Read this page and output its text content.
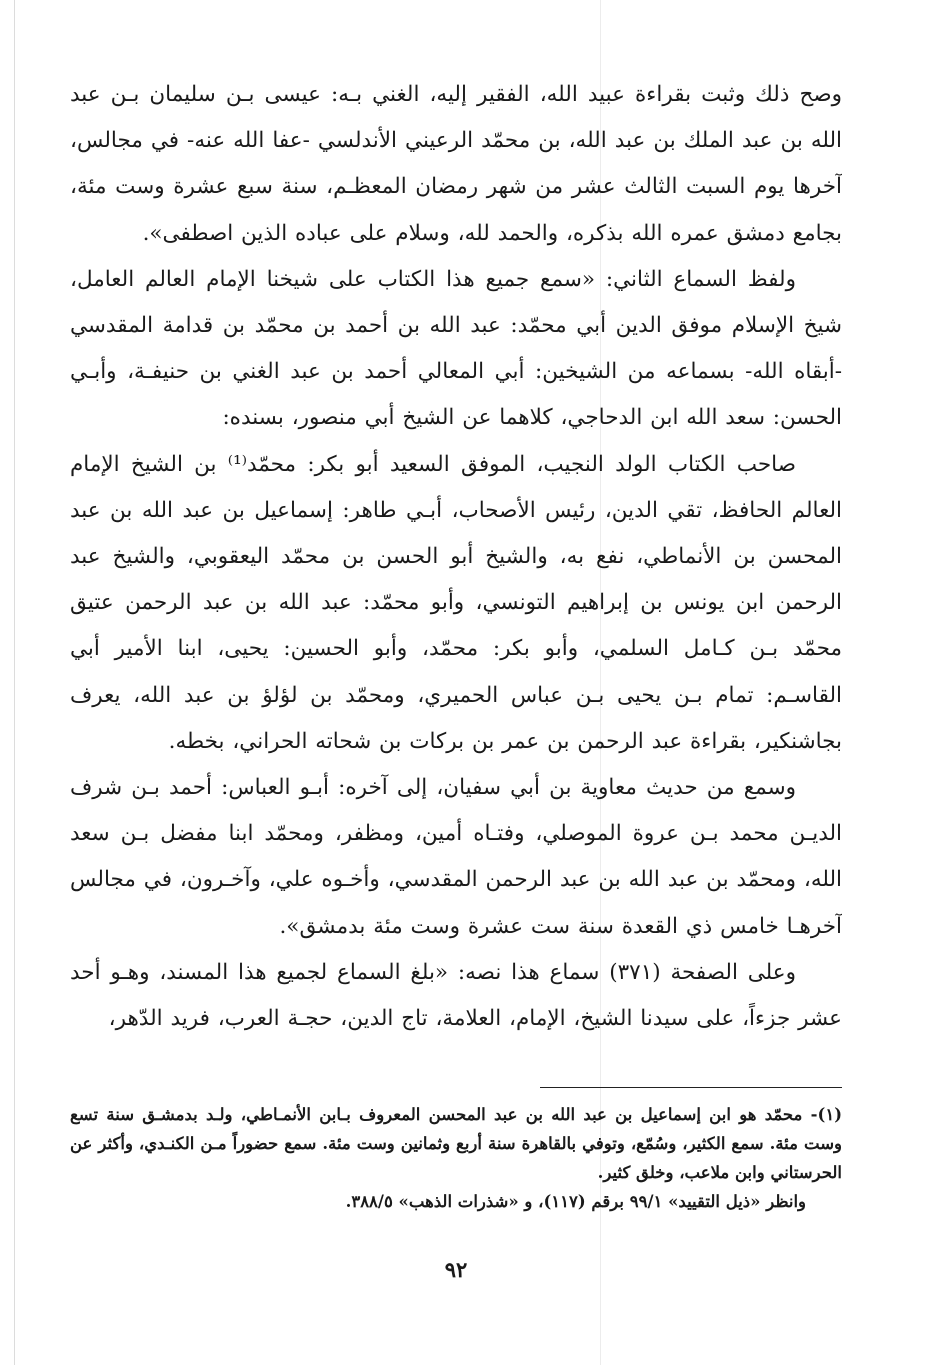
وصح ذلك وثبت بقراءة عبيد الله، الفقير إليه، الغني بـه: عيسى بـن سليمان بـن عبد الله بن عبد الملك بن عبد الله، بن محمّد الرعيني الأندلسي -عفا الله عنه- في مجالس، آخرها يوم السبت الثالث عشر من شهر رمضان المعظـم، سنة سبع عشرة وست مئة، بجامع دمشق عمره الله بذكره، والحمد لله، وسلام على عباده الذين اصطفى».

ولفظ السماع الثاني: «سمع جميع هذا الكتاب على شيخنا الإمام العالم العامل، شيخ الإسلام موفق الدين أبي محمّد: عبد الله بن أحمد بن محمّد بن قدامة المقدسي -أبقاه الله- بسماعه من الشيخين: أبي المعالي أحمد بن عبد الغني بن حنيفـة، وأبـي الحسن: سعد الله ابن الدحاجي، كلاهما عن الشيخ أبي منصور، بسنده:

صاحب الكتاب الولد النجيب، الموفق السعيد أبو بكر: محمّد⁽¹⁾ بن الشيخ الإمام العالم الحافظ، تقي الدين، رئيس الأصحاب، أبـي طاهر: إسماعيل بن عبد الله بن عبد المحسن بن الأنماطي، نفع به، والشيخ أبو الحسن بن محمّد اليعقوبي، والشيخ عبد الرحمن ابن يونس بن إبراهيم التونسي، وأبو محمّد: عبد الله بن عبد الرحمن عتيق محمّد بـن كـامل السلمي، وأبو بكر: محمّد، وأبو الحسين: يحيى، ابنا الأمير أبي القاسـم: تمام بـن يحيى بـن عباس الحميري، ومحمّد بن لؤلؤ بن عبد الله، يعرف بجاشنكير، بقراءة عبد الرحمن بن عمر بن بركات بن شحاته الحراني، بخطه.

وسمع من حديث معاوية بن أبي سفيان، إلى آخره: أبـو العباس: أحمد بـن شرف الديـن محمد بـن عروة الموصلي، وفتـاه أمين، ومظفر، ومحمّد ابنا مفضل بـن سعد الله، ومحمّد بن عبد الله بن عبد الرحمن المقدسي، وأخـوه علي، وآخـرون، في مجالس آخرهـا خامس ذي القعدة سنة ست عشرة وست مئة بدمشق».

وعلى الصفحة (٣٧١) سماع هذا نصه: «بلغ السماع لجميع هذا المسند، وهـو أحد عشر جزءاً، على سيدنا الشيخ، الإمام، العلامة، تاج الدين، حجـة العرب، فريد الدّهر،

(١)- محمّد هو ابن إسماعيل بن عبد الله بن عبد المحسن المعروف بـابن الأنمـاطي، ولـد بدمشـق سنة تسع وست مئة. سمع الكثير، وسُمّع، وتوفي بالقاهرة سنة أربع وثمانين وست مئة. سمع حضوراً مـن الكنـدي، وأكثر عن الحرستاني وابن ملاعب، وخلق كثير.

وانظر «ذيل التقييد» ٩٩/١ برقم (١١٧)، و «شذرات الذهب» ٣٨٨/٥.

٩٢
